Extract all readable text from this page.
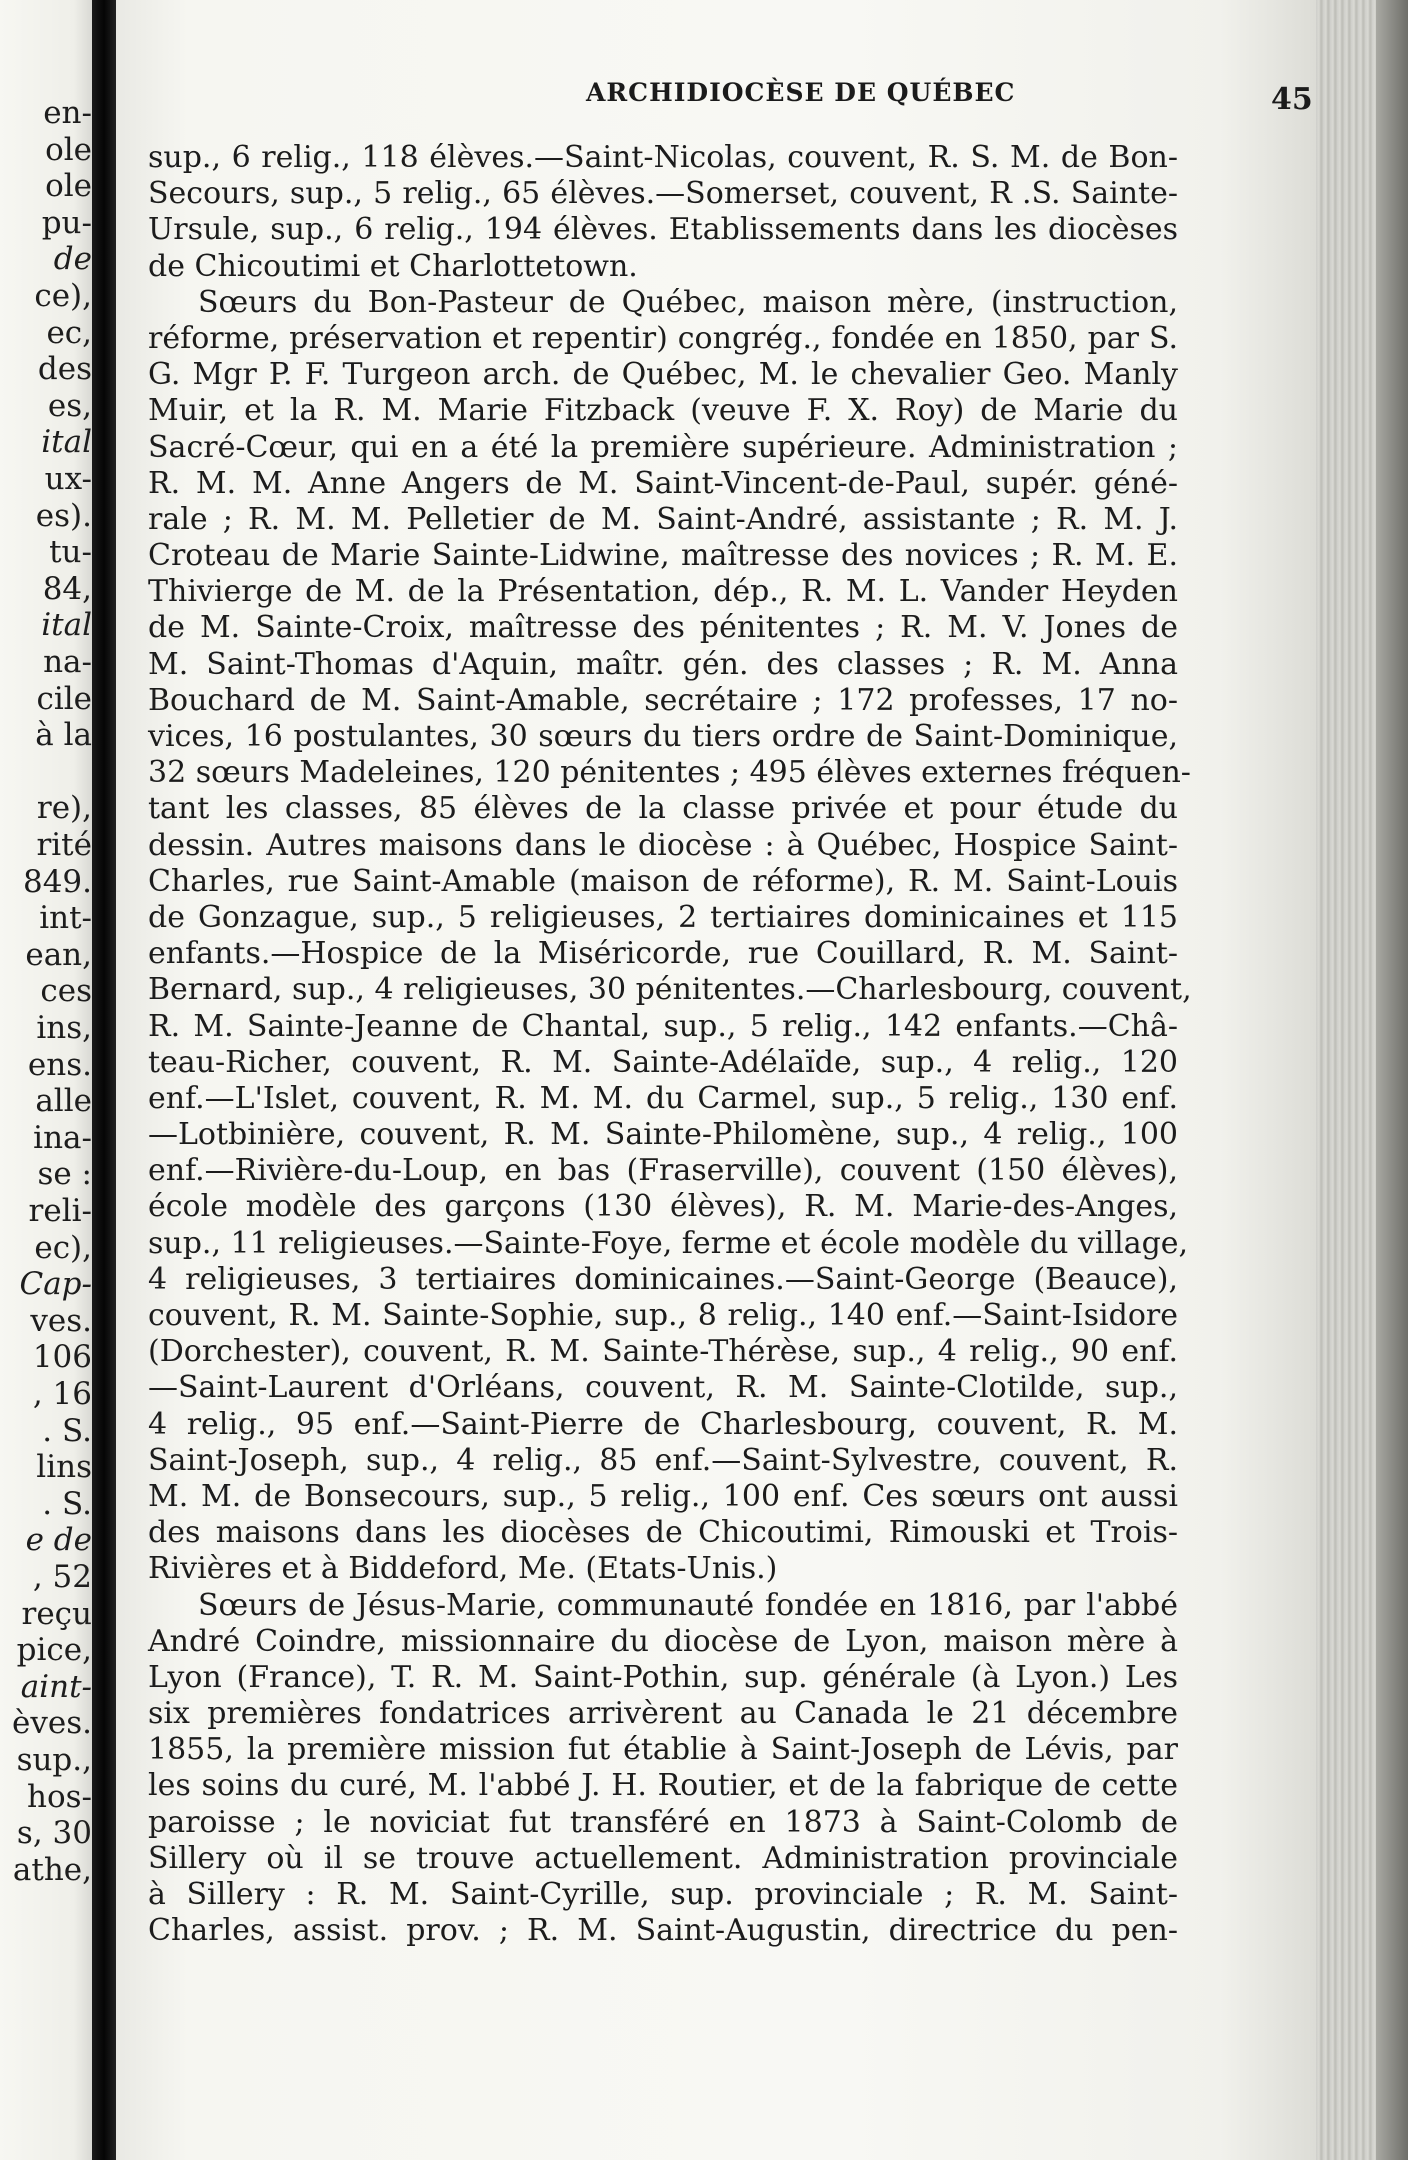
en-
ole
ole
pu-
de
ce),
ec,
des
es,
ital
ux-
es).
tu-
84,
ital
na-
cile
à la
re),
rité
849.
int-
ean,
ces
ins,
ens.
alle
ina-
se :
reli-
ec),
Cap-
ves.
106
, 16
. S.
lins
. S.
e de
, 52
reçu
pice,
aint-
èves.
sup.,
hos-
s, 30
athe,
ARCHIDIOCÈSE DE QUÉBEC	45
sup., 6 relig., 118 élèves.—Saint-Nicolas, couvent, R. S. M. de Bon-
Secours, sup., 5 relig., 65 élèves.—Somerset, couvent, R .S. Sainte-
Ursule, sup., 6 relig., 194 élèves. Etablissements dans les diocèses
de Chicoutimi et Charlottetown.
Sœurs du Bon-Pasteur de Québec, maison mère, (instruction,
réforme, préservation et repentir) congrég., fondée en 1850, par S.
G. Mgr P. F. Turgeon arch. de Québec, M. le chevalier Geo. Manly
Muir, et la R. M. Marie Fitzback (veuve F. X. Roy) de Marie du
Sacré-Cœur, qui en a été la première supérieure. Administration ;
R. M. M. Anne Angers de M. Saint-Vincent-de-Paul, supér. géné-
rale ; R. M. M. Pelletier de M. Saint-André, assistante ; R. M. J.
Croteau de Marie Sainte-Lidwine, maîtresse des novices ; R. M. E.
Thivierge de M. de la Présentation, dép., R. M. L. Vander Heyden
de M. Sainte-Croix, maîtresse des pénitentes ; R. M. V. Jones de
M. Saint-Thomas d'Aquin, maîtr. gén. des classes ; R. M. Anna
Bouchard de M. Saint-Amable, secrétaire ; 172 professes, 17 no-
vices, 16 postulantes, 30 sœurs du tiers ordre de Saint-Dominique,
32 sœurs Madeleines, 120 pénitentes ; 495 élèves externes fréquen-
tant les classes, 85 élèves de la classe privée et pour étude du
dessin. Autres maisons dans le diocèse : à Québec, Hospice Saint-
Charles, rue Saint-Amable (maison de réforme), R. M. Saint-Louis
de Gonzague, sup., 5 religieuses, 2 tertiaires dominicaines et 115
enfants.—Hospice de la Miséricorde, rue Couillard, R. M. Saint-
Bernard, sup., 4 religieuses, 30 pénitentes.—Charlesbourg, couvent,
R. M. Sainte-Jeanne de Chantal, sup., 5 relig., 142 enfants.—Châ-
teau-Richer, couvent, R. M. Sainte-Adélaïde, sup., 4 relig., 120
enf.—L'Islet, couvent, R. M. M. du Carmel, sup., 5 relig., 130 enf.
—Lotbinière, couvent, R. M. Sainte-Philomène, sup., 4 relig., 100
enf.—Rivière-du-Loup, en bas (Fraserville), couvent (150 élèves),
école modèle des garçons (130 élèves), R. M. Marie-des-Anges,
sup., 11 religieuses.—Sainte-Foye, ferme et école modèle du village,
4 religieuses, 3 tertiaires dominicaines.—Saint-George (Beauce),
couvent, R. M. Sainte-Sophie, sup., 8 relig., 140 enf.—Saint-Isidore
(Dorchester), couvent, R. M. Sainte-Thérèse, sup., 4 relig., 90 enf.
—Saint-Laurent d'Orléans, couvent, R. M. Sainte-Clotilde, sup.,
4 relig., 95 enf.—Saint-Pierre de Charlesbourg, couvent, R. M.
Saint-Joseph, sup., 4 relig., 85 enf.—Saint-Sylvestre, couvent, R.
M. M. de Bonsecours, sup., 5 relig., 100 enf. Ces sœurs ont aussi
des maisons dans les diocèses de Chicoutimi, Rimouski et Trois-
Rivières et à Biddeford, Me. (Etats-Unis.)
Sœurs de Jésus-Marie, communauté fondée en 1816, par l'abbé
André Coindre, missionnaire du diocèse de Lyon, maison mère à
Lyon (France), T. R. M. Saint-Pothin, sup. générale (à Lyon.) Les
six premières fondatrices arrivèrent au Canada le 21 décembre
1855, la première mission fut établie à Saint-Joseph de Lévis, par
les soins du curé, M. l'abbé J. H. Routier, et de la fabrique de cette
paroisse ; le noviciat fut transféré en 1873 à Saint-Colomb de
Sillery où il se trouve actuellement. Administration provinciale
à Sillery : R. M. Saint-Cyrille, sup. provinciale ; R. M. Saint-
Charles, assist. prov. ; R. M. Saint-Augustin, directrice du pen-
